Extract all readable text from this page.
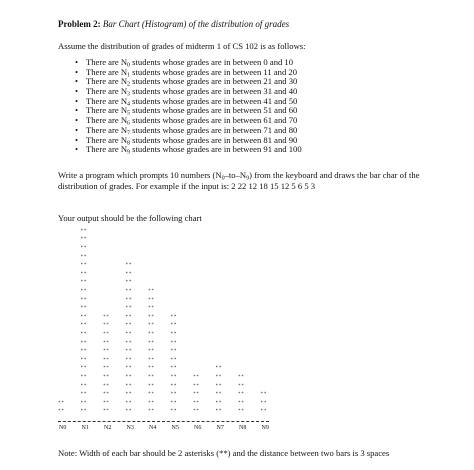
Problem 2: Bar Chart (Histogram) of the distribution of grades
Assume the distribution of grades of midterm 1 of CS 102 is as follows:
• There are $N_0$ students whose grades are in between 0 and 10
• There are $N_1$ students whose grades are in between 11 and 20
• There are $N_2$ students whose grades are in between 21 and 30
• There are $N_3$ students whose grades are in between 31 and 40
• There are $N_4$ students whose grades are in between 41 and 50
• There are $N_5$ students whose grades are in between 51 and 60
• There are $N_6$ students whose grades are in between 61 and 70
• There are $N_7$ students whose grades are in between 71 and 80
• There are $N_8$ students whose grades are in between 81 and 90
• There are $N_9$ students whose grades are in between 91 and 100
Write a program which prompts 10 numbers $(N_0-to-N_9)$ from the keyboard and draws the bar char of the distribution of grades. For example if the input is: 2 22 12 18 15 12 5 6 5 3
Your output should be the following chart
**
**
**
**
**
**
**
**
**
**
**
**
**
**
**
**
**
**
**
**
**
**
**
**
**
**
**
**
**
**
**
**
**
**
**
**
**
**
**
**
**
**
**
**
**
**
**
**
**
**
**
**
**
**
**
**
**
**
**
**
**
**
**
**
**
**
**
**
**
**
**
**
**
**
**
**
**
**
**
**
**
**
**
**
**
**
**
**
**
**
**
**
**
**
**
**
**
**
**
**
N0	N1	N2	N3	N4	N5	N6	N7	N8	N9
Note: Width of each bar should be 2 asterisks (**) and the distance between two bars is 3 spaces
